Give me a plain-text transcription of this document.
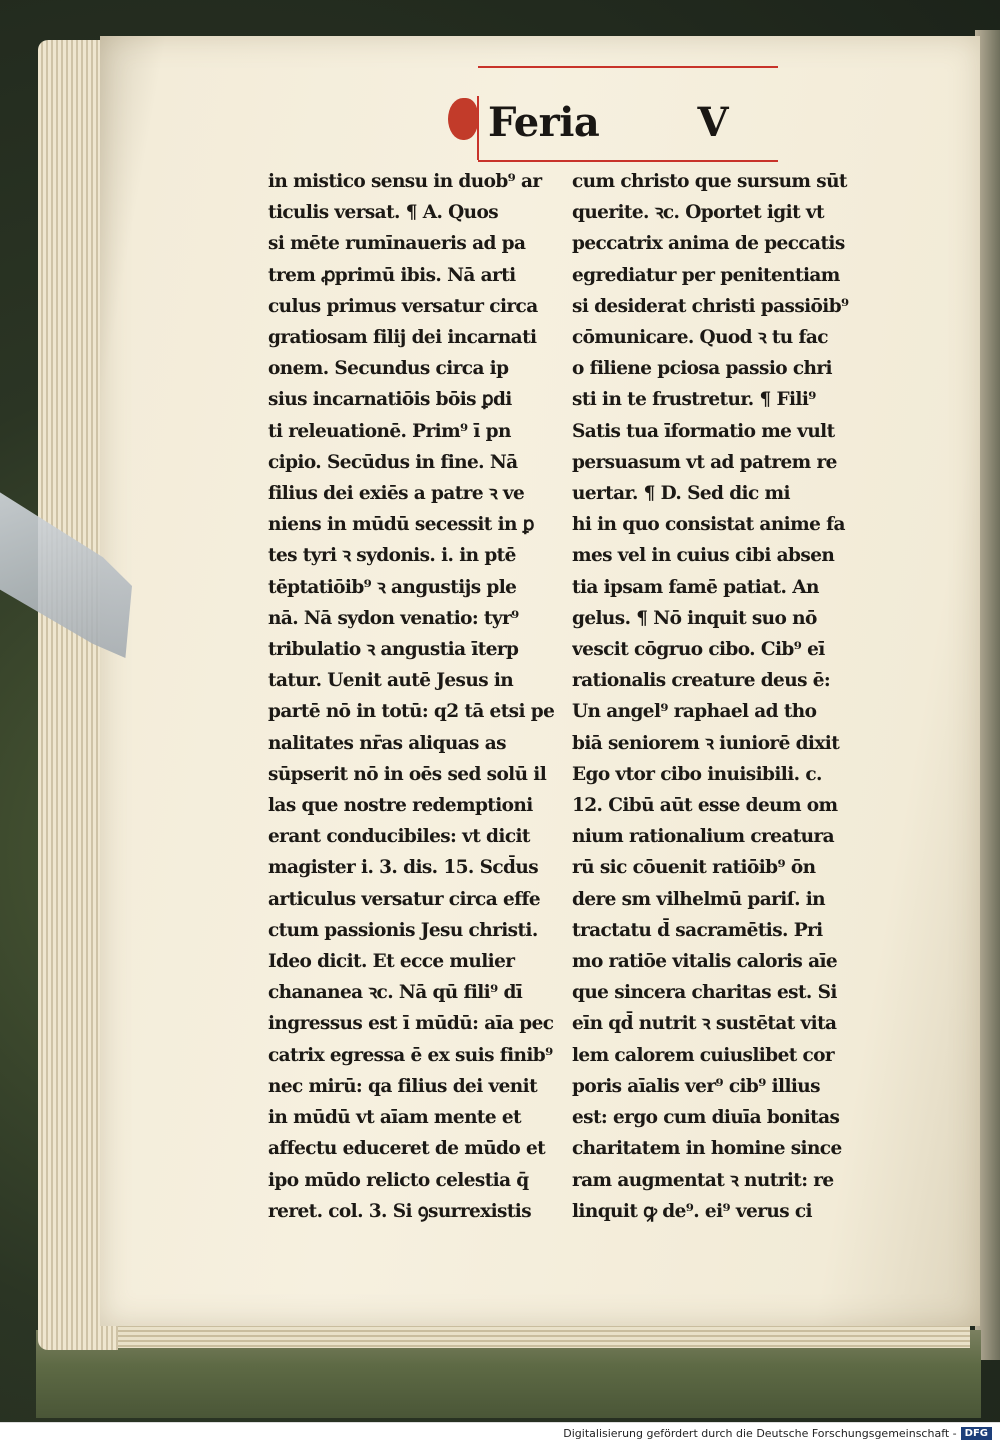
Feria V
in mistico sensu in duob⁹ ar
ticulis versat. ¶ A. Quos
si mēte rumīnaueris ad pa
trem ꝓprimū ibis. Nā arti
culus primus versatur circa
gratiosam filij dei incarnati
onem. Secundus circa ip
sius incarnatiōis bōis ꝑdi
ti releuationē. Prim⁹ ī pn
cipio. Secūdus in fine. Nā
filius dei exiēs a patre ꝛ ve
niens in mūdū secessit in ꝑ
tes tyri ꝛ sydonis. i. in ptē
tēptatiōib⁹ ꝛ angustijs ple
nā. Nā sydon venatio: tyr⁹
tribulatio ꝛ angustia īterp
tatur. Uenit autē Jesus in
partē nō in totū: q2 tā etsi pe
nalitates nr̄as aliquas as
sūpserit nō in oēs sed solū il
las que nostre redemptioni
erant conducibiles: vt dicit
magister i. 3. dis. 15. Scd̄us
articulus versatur circa effe
ctum passionis Jesu christi.
Ideo dicit. Et ecce mulier
chananea ꝛc. Nā qū fili⁹ dī
ingressus est ī mūdū: aīa pec
catrix egressa ē ex suis finib⁹
nec mirū: qa filius dei venit
in mūdū vt aīam mente et
affectu educeret de mūdo et
ipo mūdo relicto celestia q̄
reret. col. 3. Si ꝯsurrexistis
cum christo que sursum sūt
querite. ꝛc. Oportet igit vt
peccatrix anima de peccatis
egrediatur per penitentiam
si desiderat christi passiōib⁹
cōmunicare. Quod ꝛ tu fac
o filiene pciosa passio chri
sti in te frustretur. ¶ Fili⁹
Satis tua īformatio me vult
persuasum vt ad patrem re
uertar. ¶ D. Sed dic mi
hi in quo consistat anime fa
mes vel in cuius cibi absen
tia ipsam famē patiat. An
gelus. ¶ Nō inquit suo nō
vescit cōgruo cibo. Cib⁹ eī
rationalis creature deus ē:
Un angel⁹ raphael ad tho
biā seniorem ꝛ iuniorē dixit
Ego vtor cibo inuisibili. c.
12. Cibū aūt esse deum om
nium rationalium creatura
rū sic cōuenit ratiōib⁹ ōn
dere sm vilhelmū pariſ. in
tractatu d̄ sacramētis. Pri
mo ratiōe vitalis caloris aīe
que sincera charitas est. Si
eīn qd̄ nutrit ꝛ sustētat vita
lem calorem cuiuslibet cor
poris aīalis ver⁹ cib⁹ illius
est: ergo cum diuīa bonitas
charitatem in homine since
ram augmentat ꝛ nutrit: re
linquit ꝙ de⁹. ei⁹ verus ci
Digitalisierung gefördert durch die Deutsche Forschungsgemeinschaft - DFG
